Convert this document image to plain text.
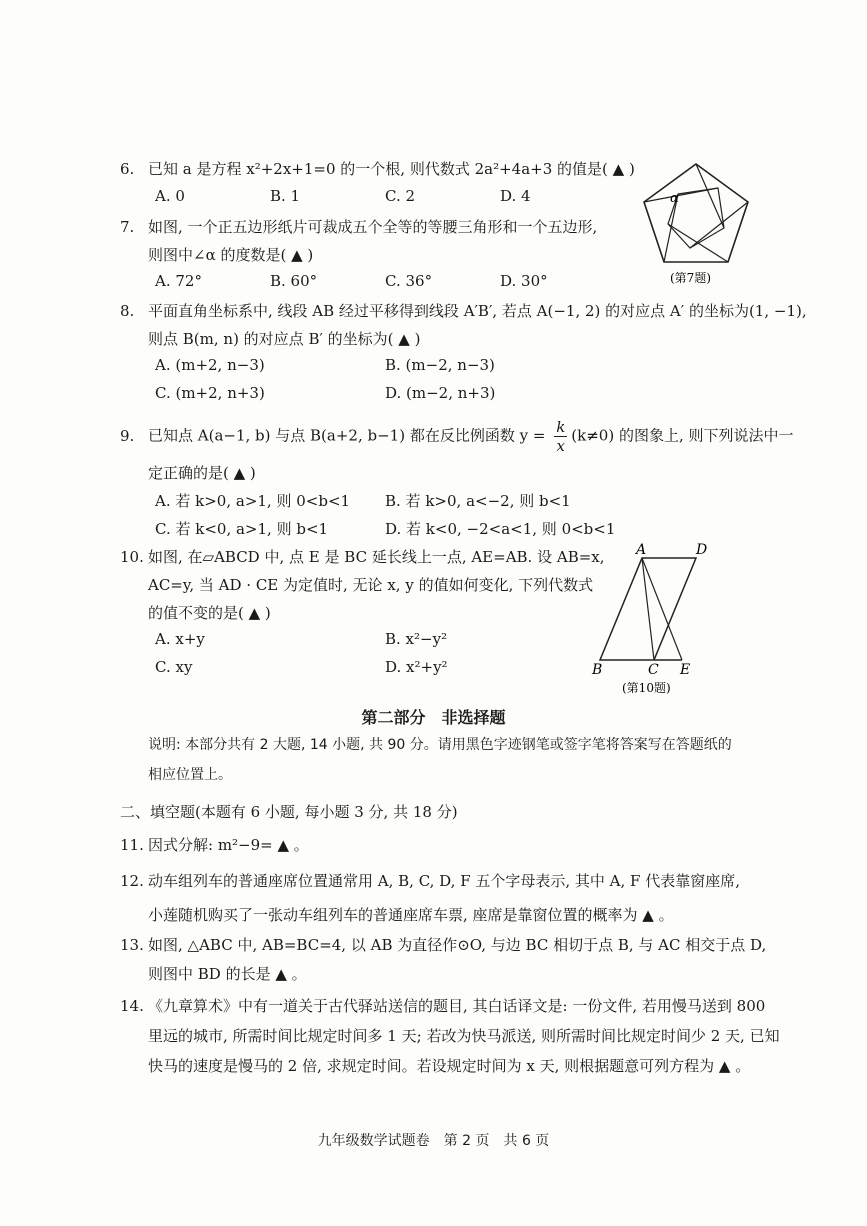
6. 已知 a 是方程 x²+2x+1=0 的一个根, 则代数式 2a²+4a+3 的值是( ▲ )
A. 0	B. 1	C. 2	D. 4
7. 如图, 一个正五边形纸片可裁成五个全等的等腰三角形和一个五边形,
则图中∠α 的度数是( ▲ )
A. 72°	B. 60°	C. 36°	D. 30°
α
(第7题)
8. 平面直角坐标系中, 线段 AB 经过平移得到线段 A′B′, 若点 A(−1, 2) 的对应点 A′ 的坐标为(1, −1),
则点 B(m, n) 的对应点 B′ 的坐标为( ▲ )
A. (m+2, n−3)	B. (m−2, n−3)
C. (m+2, n+3)	D. (m−2, n+3)
9. 已知点 A(a−1, b) 与点 B(a+2, b−1) 都在反比例函数 $y = \frac{k}{x} (k\ne 0)$ 的图象上, 则下列说法中一
定正确的是( ▲ )
A. 若 k>0, a>1, 则 0<b<1 B. 若 k>0, a<−2, 则 b<1
C. 若 k<0, a>1, 则 b<1	D. 若 k<0, −2<a<1, 则 0<b<1
10. 如图, 在▱ABCD 中, 点 E 是 BC 延长线上一点, AE=AB. 设 AB=x,
AC=y, 当 AD · CE 为定值时, 无论 x, y 的值如何变化, 下列代数式
的值不变的是( ▲ )
A. x+y	B. x²−y²
C. xy	D. x²+y²
A	D
B	C E
(第10题)
第二部分　非选择题
说明: 本部分共有 2 大题, 14 小题, 共 90 分。请用黑色字迹钢笔或签字笔将答案写在答题纸的
相应位置上。
二、填空题(本题有 6 小题, 每小题 3 分, 共 18 分)
11. 因式分解: m²−9= ▲ 。
12. 动车组列车的普通座席位置通常用 A, B, C, D, F 五个字母表示, 其中 A, F 代表靠窗座席,
小莲随机购买了一张动车组列车的普通座席车票, 座席是靠窗位置的概率为 ▲ 。
13. 如图, △ABC 中, AB=BC=4, 以 AB 为直径作⊙O, 与边 BC 相切于点 B, 与 AC 相交于点 D,
则图中 BD 的长是 ▲ 。
14. 《九章算术》中有一道关于古代驿站送信的题目, 其白话译文是: 一份文件, 若用慢马送到 800
里远的城市, 所需时间比规定时间多 1 天; 若改为快马派送, 则所需时间比规定时间少 2 天, 已知
快马的速度是慢马的 2 倍, 求规定时间。若设规定时间为 x 天, 则根据题意可列方程为 ▲ 。
九年级数学试题卷　第 2 页　共 6 页
